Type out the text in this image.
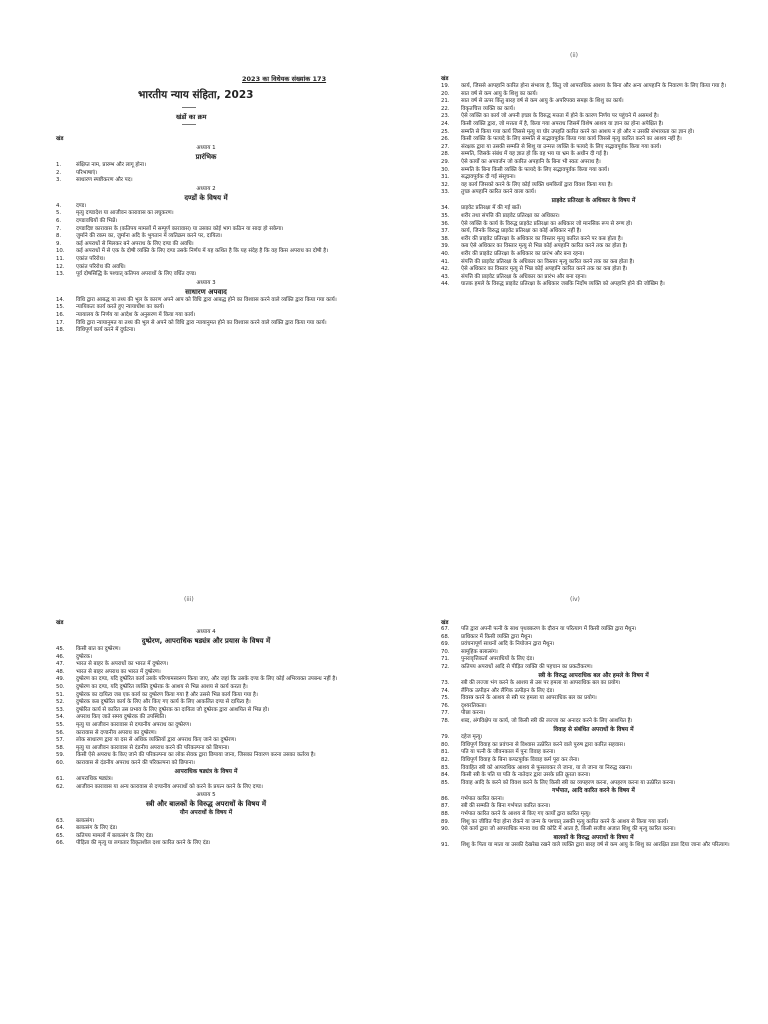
2023 का विधेयक संख्यांक 173
भारतीय न्याय संहिता, 2023
खंडों का क्रम
खंड
अध्याय 1
प्रारंभिक
1.	संक्षिप्त नाम, प्रारम्भ और लागू होना।
2.	परिभाषाएं।
3.	साधारण स्पष्टीकरण और पद।
अध्याय 2
दण्डों के विषय में
4.	दण्ड।
5.	मृत्यु दण्डादेश या आजीवन कारावास का लघुकरण।
6.	दण्डावधियों की भिन्नें।
7.	दण्डादिष्ट कारावास के (कतिपय मामलों में सम्पूर्ण कारावास) या उसका कोई भाग कठिन या सादा हो सकेगा।
8.	जुर्माने की रकम का, जुर्माना अदि के भुगतान में व्यतिक्रम करने पर, दायित्व।
9.	कई अपराधों से मिलकर बने अपराध के लिए दण्ड की अवधि।
10.	कई अपराधों में से एक के दोषी व्यक्ति के लिए दण्ड उसके निर्णय में यह कथित है कि यह संदेह है कि वह किस अपराध का दोषी है।
11.	एकांत परिरोध।
12.	एकांत परिरोध की अवधि।
13.	पूर्व दोषसिद्धि के पश्चात् कतिपय अपराधों के लिए वर्धित दण्ड।
अध्याय 3
साधारण अपवाद
14.	विधि द्वारा आबद्ध या तथ्य की भूल के कारण अपने आप को विधि द्वारा आबद्ध होने का विश्वास करने वाले व्यक्ति द्वारा किया गया कार्य।
15.	न्यायिकतः कार्य करते हुए न्यायाधीश का कार्य।
16.	न्यायालय के निर्णय या आदेश के अनुसरण में किया गया कार्य।
17.	विधि द्वारा न्यायानुमत या तथ्य की भूल से अपने को विधि द्वारा न्यायानुमत होने का विश्वास करने वाले व्यक्ति द्वारा किया गया कार्य।
18.	विधिपूर्ण कार्य करने में दुर्घटना।
(ii)
खंड
19.	कार्य, जिससे आपहानि कारित होना संभाव्य है, किंतु जो आपराधिक आशय के बिना और अन्य आपहानि के निवारण के लिए किया गया है।
20.	सात वर्ष से कम आयु के शिशु का कार्य।
21.	सात वर्ष से ऊपर किंतु बारह वर्ष से कम आयु के अपरिपक्व समझ के शिशु का कार्य।
22.	विकृतचित्त व्यक्ति का कार्य।
23.	ऐसे व्यक्ति का कार्य जो अपनी इच्छा के विरुद्ध मत्तता में होने के कारण निर्णय पर पहुंचने में असमर्थ है।
24.	किसी व्यक्ति द्वारा, जो मत्तता में है, किया गया अपराध जिसमें विशेष आशय या ज्ञान का होना अपेक्षित है।
25.	सम्मति से किया गया कार्य जिससे मृत्यु या घोर उपहति कारित करने का आशय न हो और न उसकी संभाव्यता का ज्ञान हो।
26.	किसी व्यक्ति के फायदे के लिए सम्मति से सद्भावपूर्वक किया गया कार्य जिससे मृत्यु कारित करने का आशय नहीं है।
27.	संरक्षक द्वारा या उसकी सम्मति से शिशु या उन्मत्त व्यक्ति के फायदे के लिए सद्भावपूर्वक किया गया कार्य।
28.	सम्मति, जिसके संबंध में यह ज्ञात हो कि वह भय या भ्रम के अधीन दी गई है।
29.	ऐसे कार्यों का अपवर्जन जो कारित अपहानि के बिना भी स्वतः अपराध है।
30.	सम्मति के बिना किसी व्यक्ति के फायदे के लिए सद्भावपूर्वक किया गया कार्य।
31.	सद्भावपूर्वक दी गई संसूचना।
32.	वह कार्य जिसको करने के लिए कोई व्यक्ति धमकियों द्वारा विवश किया गया है।
33.	तुच्छ अपहानि कारित करने वाला कार्य।
प्राइवेट प्रतिरक्षा के अधिकार के विषय में
34.	प्राइवेट प्रतिरक्षा में की गई बातें।
35.	शरीर तथा संपत्ति की प्राइवेट प्रतिरक्षा का अधिकार।
36.	ऐसे व्यक्ति के कार्य के विरुद्ध प्राइवेट प्रतिरक्षा का अधिकार जो मानसिक रूप से रुग्ण हो।
37.	कार्य, जिनके विरुद्ध प्राइवेट प्रतिरक्षा का कोई अधिकार नहीं है।
38.	शरीर की प्राइवेट प्रतिरक्षा के अधिकार का विस्तार मृत्यु कारित करने पर कब होता है।
39.	कब ऐसे अधिकार का विस्तार मृत्यु से भिन्न कोई अपहानि कारित करने तक का होता है।
40.	शरीर की प्राइवेट प्रतिरक्षा के अधिकार का प्रारंभ और बना रहना।
41.	संपत्ति की प्राइवेट प्रतिरक्षा के अधिकार का विस्तार मृत्यु कारित करने तक का कब होता है।
42.	ऐसे अधिकार का विस्तार मृत्यु से भिन्न कोई अपहानि कारित करने तक का कब होता है।
43.	संपत्ति की प्राइवेट प्रतिरक्षा के अधिकार का प्रारंभ और बना रहना।
44.	घातक हमले के विरुद्ध प्राइवेट प्रतिरक्षा के अधिकार जबकि निर्दोष व्यक्ति को अपहानि होने की जोखिम है।
(iii)
खंड
अध्याय 4
दुष्प्रेरण, आपराधिक षड्यंत्र और प्रयास के विषय में
45.	किसी बात का दुष्प्रेरण।
46.	दुष्प्रेरक।
47.	भारत से बाहर के अपराधों का भारत में दुष्प्रेरण।
48.	भारत से बाहर अपराध का भारत में दुष्प्रेरण।
49.	दुष्प्रेरण का दण्ड, यदि दुष्प्रेरित कार्य उसके परिणामस्वरूप किया जाए, और जहां कि उसके दण्ड के लिए कोई अभिव्यक्त उपबन्ध नहीं है।
50.	दुष्प्रेरण का दण्ड, यदि दुष्प्रेरित व्यक्ति दुष्प्रेरक के आशय से भिन्न आशय से कार्य करता है।
51.	दुष्प्रेरक का दायित्व जब एक कार्य का दुष्प्रेरण किया गया है और उससे भिन्न कार्य किया गया है।
52.	दुष्प्रेरक कब दुष्प्रेरित कार्य के लिए और किए गए कार्य के लिए आकलित दण्ड से दायित्व है।
53.	दुष्प्रेरित कार्य से कारित उस प्रभाव के लिए दुष्प्रेरक का दायित्व जो दुष्प्रेरक द्वारा आशयित से भिन्न हो।
54.	अपराध किए जाते समय दुष्प्रेरक की उपस्थिति।
55.	मृत्यु या आजीवन कारावास से दण्डनीय अपराध का दुष्प्रेरण।
56.	कारावास से दण्डनीय अपराध का दुष्प्रेरण।
57.	लोक साधारण द्वारा या दस से अधिक व्यक्तियों द्वारा अपराध किए जाने का दुष्प्रेरण।
58.	मृत्यु या आजीवन कारावास से दंडनीय अपराध करने की परिकल्पना को छिपाना।
59.	किसी ऐसे अपराध के किए जाने की परिकल्पना का लोक सेवक द्वारा छिपाया जाना, जिसका निवारण करना उसका कर्तव्य है।
60.	कारावास से दंडनीय अपराध करने की परिकल्पना को छिपाना।
आपराधिक षड्यंत्र के विषय में
61.	आपराधिक षड्यंत्र।
62.	आजीवन कारावास या अन्य कारावास से दण्डनीय अपराधों को करने के प्रयत्न करने के लिए दण्ड।
अध्याय 5
स्त्री और बालकों के विरुद्ध अपराधों के विषय में
यौन अपराधों के विषय में
63.	बलात्संग।
64.	बलात्संग के लिए दंड।
65.	कतिपय मामलों में बलात्संग के लिए दंड।
66.	पीड़िता की मृत्यु या लगातार विकृतशील दशा कारित करने के लिए दंड।
(iv)
खंड
67.	पति द्वारा अपनी पत्नी के साथ पृथक्करण के दौरान या परित्याग में किसी व्यक्ति द्वारा मैथुन।
68.	प्राधिकार में किसी व्यक्ति द्वारा मैथुन।
69.	प्रवंचनापूर्ण साधनों आदि के नियोजन द्वारा मैथुन।
70.	सामूहिक बलात्संग।
71.	पुनरावृत्तिकर्ता अपराधियों के लिए दंड।
72.	कतिपय अपराधों आदि से पीड़ित व्यक्ति की पहचान का प्रकटीकरण।
स्त्री के विरुद्ध आपराधिक बल और हमले के विषय में
73.	स्त्री की लज्जा भंग करने के आशय से उस पर हमला या आपराधिक बल का प्रयोग।
74.	लैंगिक उत्पीड़न और लैंगिक उत्पीड़न के लिए दंड।
75.	विवस्त्र करने के आशय से स्त्री पर हमला या आपराधिक बल का प्रयोग।
76.	दृश्यरतिकता।
77.	पीछा करना।
78.	शब्द, अंगविक्षेप या कार्य, जो किसी स्त्री की लज्जा का अनादर करने के लिए आशयित है।
विवाह से संबंधित अपराधों के विषय में
79.	दहेज मृत्यु।
80.	विधिपूर्ण विवाह का प्रवंचना से विश्वास उत्प्रेरित करने वाले पुरुष द्वारा कारित सहवास।
81.	पति या पत्नी के जीवनकाल में पुनः विवाह करना।
82.	विधिपूर्ण विवाह के बिना कपटपूर्वक विवाह कर्म पूरा कर लेना।
83.	विवाहित स्त्री को आपराधिक आशय से फुसलाकर ले जाना, या ले जाना या निरुद्ध रखना।
84.	किसी स्त्री के पति या पति के नातेदार द्वारा उसके प्रति क्रूरता करना।
85.	विवाह आदि के करने को विवश करने के लिए किसी स्त्री का व्यपहरण करना, अपहरण करना या उत्प्रेरित करना।
गर्भपात, आदि कारित करने के विषय में
86.	गर्भपात कारित करना।
87.	स्त्री की सम्मति के बिना गर्भपात कारित करना।
88.	गर्भपात कारित करने के आशय से किए गए कार्यों द्वारा कारित मृत्यु।
89.	शिशु का जीवित पैदा होना रोकने या जन्म के पश्चात् उसकी मृत्यु कारित करने के आशय से किया गया कार्य।
90.	ऐसे कार्य द्वारा जो आपराधिक मानव वध की कोटि में आता है, किसी सजीव अजात शिशु की मृत्यु कारित करना।
बालकों के विरुद्ध अपराधों के विषय में
91.	शिशु के पिता या माता या उसकी देखरेख रखने वाले व्यक्ति द्वारा बारह वर्ष से कम आयु के शिशु का आरक्षित डाल दिया जाना और परित्याग।
